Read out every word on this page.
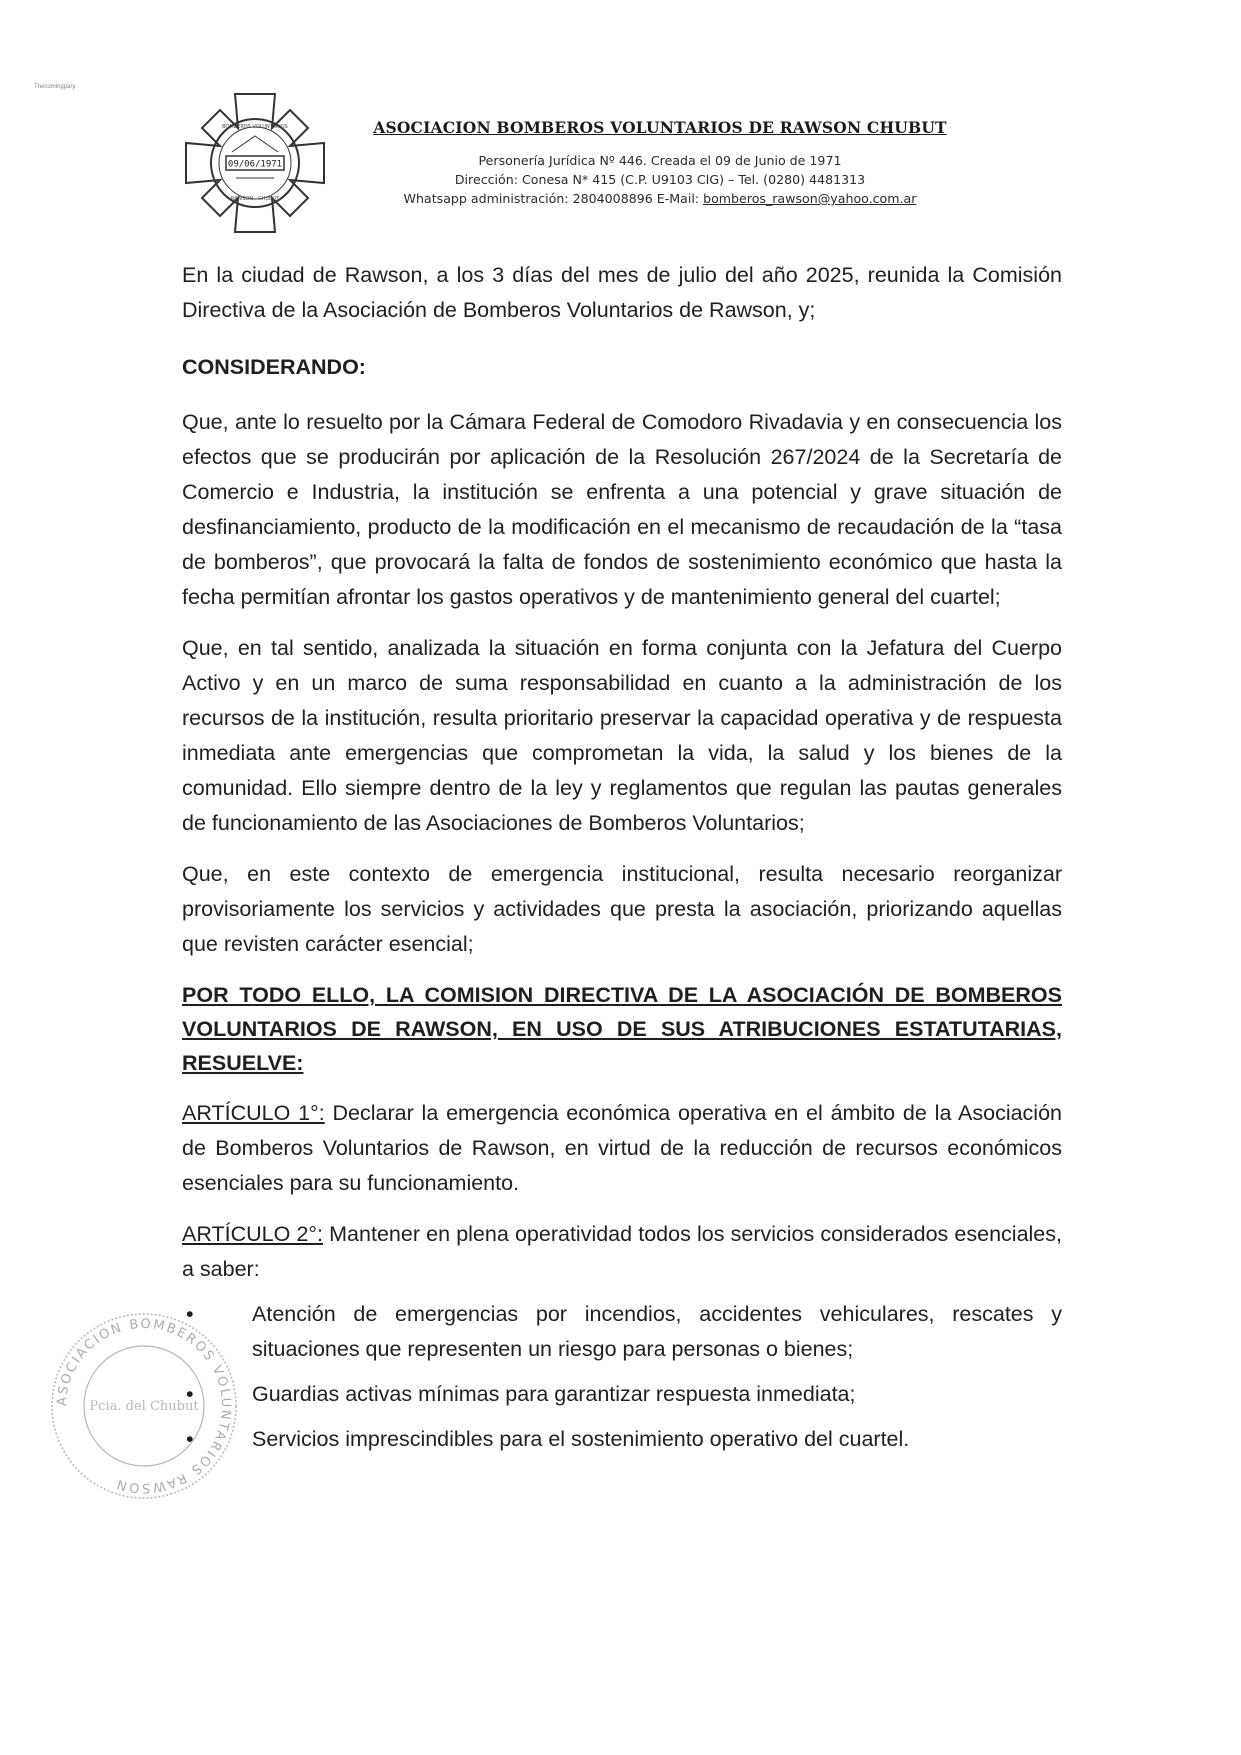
Thecomingpary
09/06/1971
BOMBEROS VOLUNTARIOS
RAWSON - CHUBUT
ASOCIACION BOMBEROS VOLUNTARIOS DE RAWSON CHUBUT
Personería Jurídica Nº 446. Creada el 09 de Junio de 1971
Dirección: Conesa N* 415 (C.P. U9103 CIG) – Tel. (0280) 4481313
Whatsapp administración: 2804008896 E-Mail: bomberos_rawson@yahoo.com.ar

En la ciudad de Rawson, a los 3 días del mes de julio del año 2025, reunida la Comisión Directiva de la Asociación de Bomberos Voluntarios de Rawson, y;

CONSIDERANDO:

Que, ante lo resuelto por la Cámara Federal de Comodoro Rivadavia y en consecuencia los efectos que se producirán por aplicación de la Resolución 267/2024 de la Secretaría de Comercio e Industria, la institución se enfrenta a una potencial y grave situación de desfinanciamiento, producto de la modificación en el mecanismo de recaudación de la “tasa de bomberos”, que provocará la falta de fondos de sostenimiento económico que hasta la fecha permitían afrontar los gastos operativos y de mantenimiento general del cuartel;

Que, en tal sentido, analizada la situación en forma conjunta con la Jefatura del Cuerpo Activo y en un marco de suma responsabilidad en cuanto a la administración de los recursos de la institución, resulta prioritario preservar la capacidad operativa y de respuesta inmediata ante emergencias que comprometan la vida, la salud y los bienes de la comunidad. Ello siempre dentro de la ley y reglamentos que regulan las pautas generales de funcionamiento de las Asociaciones de Bomberos Voluntarios;

Que, en este contexto de emergencia institucional, resulta necesario reorganizar provisoriamente los servicios y actividades que presta la asociación, priorizando aquellas que revisten carácter esencial;

POR TODO ELLO, LA COMISION DIRECTIVA DE LA ASOCIACIÓN DE BOMBEROS VOLUNTARIOS DE RAWSON, EN USO DE SUS ATRIBUCIONES ESTATUTARIAS, RESUELVE:

ARTÍCULO 1°: Declarar la emergencia económica operativa en el ámbito de la Asociación de Bomberos Voluntarios de Rawson, en virtud de la reducción de recursos económicos esenciales para su funcionamiento.

ARTÍCULO 2°: Mantener en plena operatividad todos los servicios considerados esenciales, a saber:

•	Atención de emergencias por incendios, accidentes vehiculares, rescates y situaciones que representen un riesgo para personas o bienes;
•	Guardias activas mínimas para garantizar respuesta inmediata;
•	Servicios imprescindibles para el sostenimiento operativo del cuartel.
ASOCIACION BOMBEROS VOLUNTARIOS RAWSON
Pcia. del Chubut
